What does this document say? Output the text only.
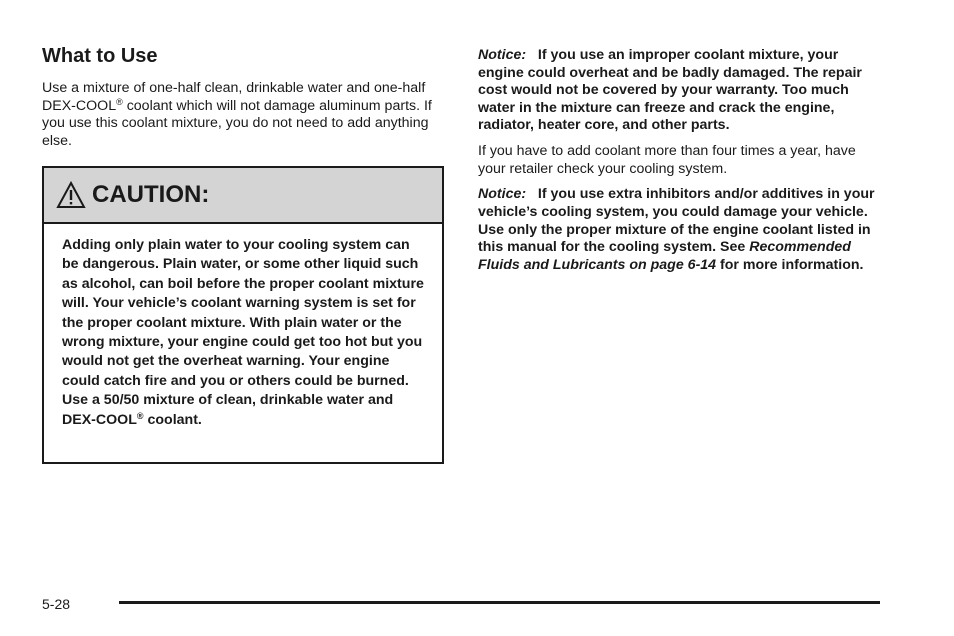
What to Use

Use a mixture of one-half clean, drinkable water and one-half DEX-COOL® coolant which will not damage aluminum parts. If you use this coolant mixture, you do not need to add anything else.

CAUTION:
Adding only plain water to your cooling system can be dangerous. Plain water, or some other liquid such as alcohol, can boil before the proper coolant mixture will. Your vehicle’s coolant warning system is set for the proper coolant mixture. With plain water or the wrong mixture, your engine could get too hot but you would not get the overheat warning. Your engine could catch fire and you or others could be burned. Use a 50/50 mixture of clean, drinkable water and DEX-COOL® coolant.

Notice: If you use an improper coolant mixture, your engine could overheat and be badly damaged. The repair cost would not be covered by your warranty. Too much water in the mixture can freeze and crack the engine, radiator, heater core, and other parts.

If you have to add coolant more than four times a year, have your retailer check your cooling system.

Notice: If you use extra inhibitors and/or additives in your vehicle’s cooling system, you could damage your vehicle. Use only the proper mixture of the engine coolant listed in this manual for the cooling system. See Recommended Fluids and Lubricants on page 6-14 for more information.

5-28
